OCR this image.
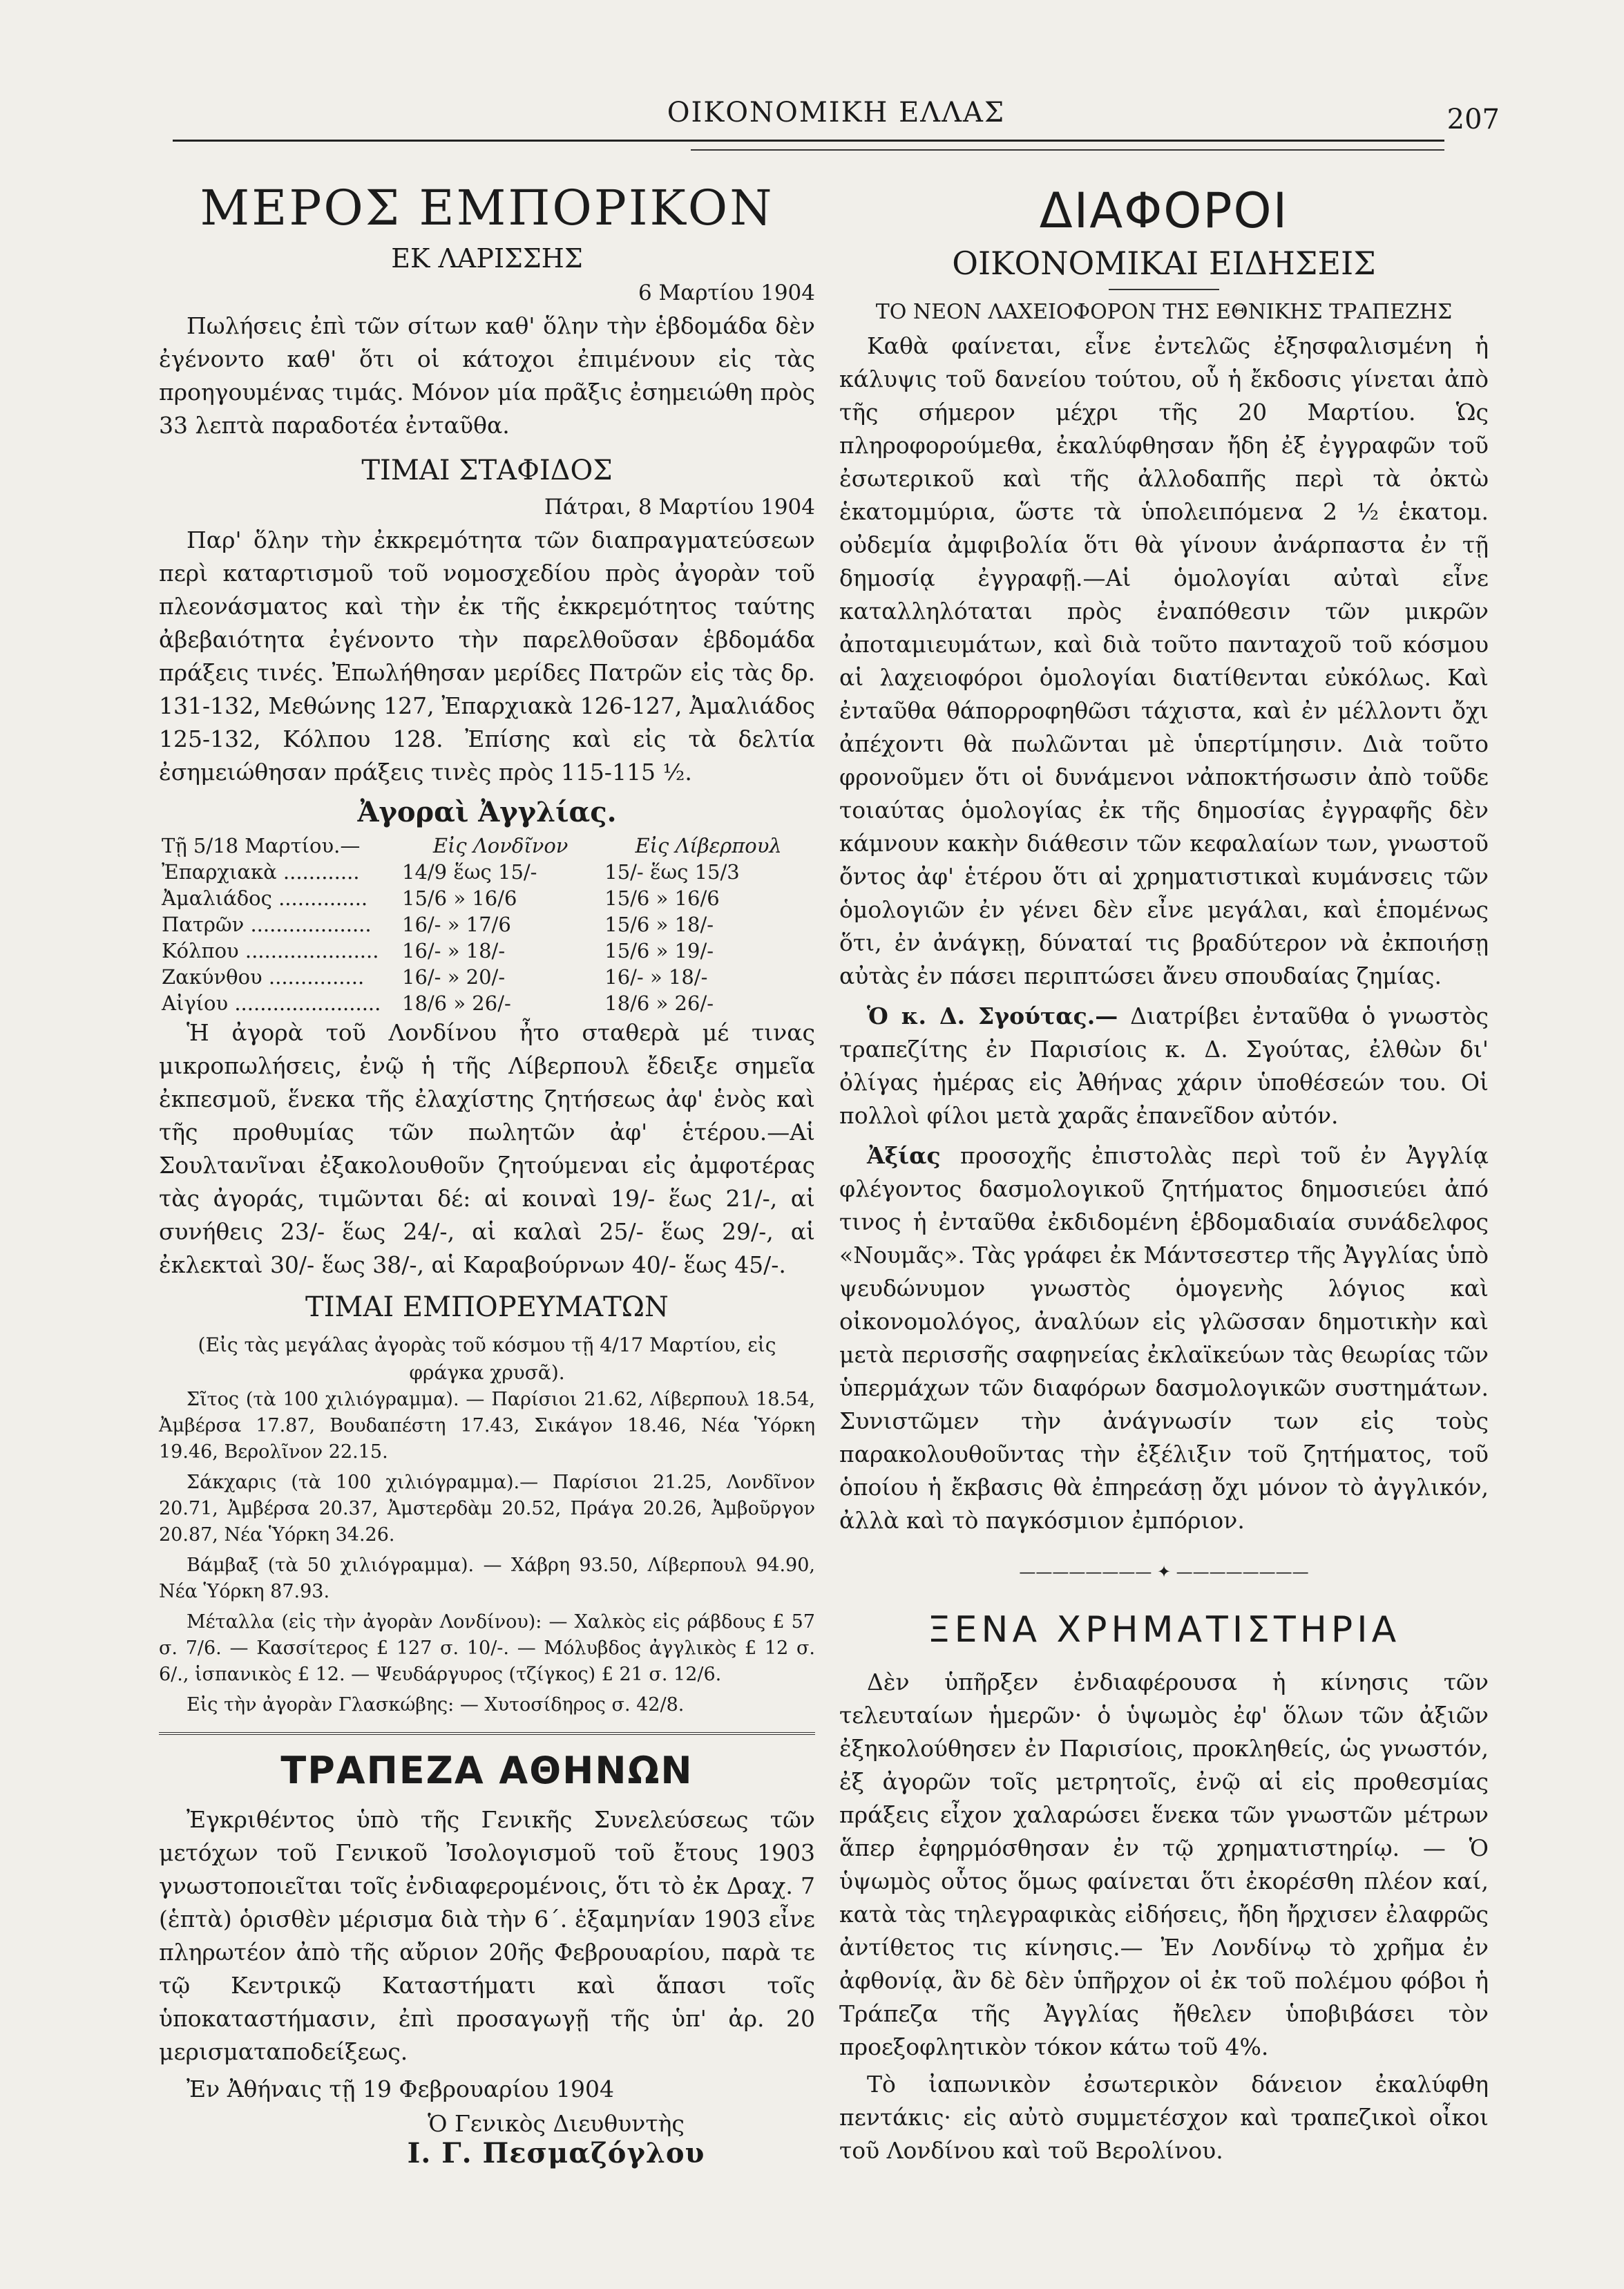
ΟΙΚΟΝΟΜΙΚΗ ΕΛΛΑΣ	207
ΜΕΡΟΣ ΕΜΠΟΡΙΚΟΝ
ΕΚ ΛΑΡΙΣΣΗΣ
6 Μαρτίου 1904

Πωλήσεις ἐπὶ τῶν σίτων καθ' ὅλην τὴν ἑβδομάδα δὲν ἐγένοντο καθ' ὅτι οἱ κάτοχοι ἐπιμένουν εἰς τὰς προηγουμένας τιμάς. Μόνον μία πρᾶξις ἐσημειώθη πρὸς 33 λεπτὰ παραδοτέα ἐνταῦθα.

ΤΙΜΑΙ ΣΤΑΦΙΔΟΣ
Πάτραι, 8 Μαρτίου 1904

Παρ' ὅλην τὴν ἐκκρεμότητα τῶν διαπραγματεύσεων περὶ καταρτισμοῦ τοῦ νομοσχεδίου πρὸς ἀγορὰν τοῦ πλεονάσματος καὶ τὴν ἐκ τῆς ἐκκρεμότητος ταύτης ἀβεβαιότητα ἐγένοντο τὴν παρελθοῦσαν ἑβδομάδα πράξεις τινές. Ἐπωλήθησαν μερίδες Πατρῶν εἰς τὰς δρ. 131-132, Μεθώνης 127, Ἐπαρχιακὰ 126-127, Ἀμαλιάδος 125-132, Κόλπου 128. Ἐπίσης καὶ εἰς τὰ δελτία ἐσημειώθησαν πράξεις τινὲς πρὸς 115-115 ½.

Ἀγοραὶ Ἀγγλίας.
Τῇ 5/18 Μαρτίου.—	Εἰς Λονδῖνον	Εἰς Λίβερπουλ
Ἐπαρχιακὰ ............	14/9 ἕως 15/-	15/- ἕως 15/3
Ἀμαλιάδος ..............	15/6 » 16/6	15/6 » 16/6
Πατρῶν ...................	16/- » 17/6	15/6 » 18/-
Κόλπου .....................	16/- » 18/-	15/6 » 19/-
Ζακύνθου ...............	16/- » 20/-	16/- » 18/-
Αἰγίου .......................	18/6 » 26/-	18/6 » 26/-

Ἡ ἀγορὰ τοῦ Λονδίνου ἦτο σταθερὰ μέ τινας μικροπωλήσεις, ἐνῷ ἡ τῆς Λίβερπουλ ἔδειξε σημεῖα ἐκπεσμοῦ, ἕνεκα τῆς ἐλαχίστης ζητήσεως ἀφ' ἑνὸς καὶ τῆς προθυμίας τῶν πωλητῶν ἀφ' ἑτέρου.—Αἱ Σουλτανῖναι ἐξακολουθοῦν ζητούμεναι εἰς ἀμφοτέρας τὰς ἀγοράς, τιμῶνται δέ: αἱ κοιναὶ 19/- ἕως 21/-, αἱ συνήθεις 23/- ἕως 24/-, αἱ καλαὶ 25/- ἕως 29/-, αἱ ἐκλεκταὶ 30/- ἕως 38/-, αἱ Καραβούρνων 40/- ἕως 45/-.

ΤΙΜΑΙ ΕΜΠΟΡΕΥΜΑΤΩΝ
(Εἰς τὰς μεγάλας ἀγορὰς τοῦ κόσμου τῇ 4/17 Μαρτίου, εἰς φράγκα χρυσᾶ).

Σῖτος (τὰ 100 χιλιόγραμμα). — Παρίσιοι 21.62, Λίβερπουλ 18.54, Ἀμβέρσα 17.87, Βουδαπέστη 17.43, Σικάγον 18.46, Νέα Ὑόρκη 19.46, Βερολῖνον 22.15.

Σάκχαρις (τὰ 100 χιλιόγραμμα).— Παρίσιοι 21.25, Λονδῖνον 20.71, Ἀμβέρσα 20.37, Ἀμστερδὰμ 20.52, Πράγα 20.26, Ἀμβοῦργον 20.87, Νέα Ὑόρκη 34.26.

Βάμβαξ (τὰ 50 χιλιόγραμμα). — Χάβρη 93.50, Λίβερπουλ 94.90, Νέα Ὑόρκη 87.93.

Μέταλλα (εἰς τὴν ἀγορὰν Λονδίνου): — Χαλκὸς εἰς ράβδους £ 57 σ. 7/6. — Κασσίτερος £ 127 σ. 10/-. — Μόλυβδος ἀγγλικὸς £ 12 σ. 6/., ἱσπανικὸς £ 12. — Ψευδάργυρος (τζίγκος) £ 21 σ. 12/6.

Εἰς τὴν ἀγορὰν Γλασκώβης: — Χυτοσίδηρος σ. 42/8.

ΤΡΑΠΕΖΑ ΑΘΗΝΩΝ

Ἐγκριθέντος ὑπὸ τῆς Γενικῆς Συνελεύσεως τῶν μετόχων τοῦ Γενικοῦ Ἰσολογισμοῦ τοῦ ἔτους 1903 γνωστοποιεῖται τοῖς ἐνδιαφερομένοις, ὅτι τὸ ἐκ Δραχ. 7 (ἑπτὰ) ὁρισθὲν μέρισμα διὰ τὴν 6΄. ἑξαμηνίαν 1903 εἶνε πληρωτέον ἀπὸ τῆς αὔριον 20ῆς Φεβρουαρίου, παρὰ τε τῷ Κεντρικῷ Καταστήματι καὶ ἅπασι τοῖς ὑποκαταστήμασιν, ἐπὶ προσαγωγῇ τῆς ὑπ' ἀρ. 20 μερισματαποδείξεως.

Ἐν Ἀθήναις τῇ 19 Φεβρουαρίου 1904

Ὁ Γενικὸς Διευθυντὴς
Ι. Γ. Πεσμαζόγλου
ΔΙΑΦΟΡΟΙ
ΟΙΚΟΝΟΜΙΚΑΙ ΕΙΔΗΣΕΙΣ
ΤΟ ΝΕΟΝ ΛΑΧΕΙΟΦΟΡΟΝ ΤΗΣ ΕΘΝΙΚΗΣ ΤΡΑΠΕΖΗΣ

Καθὰ φαίνεται, εἶνε ἐντελῶς ἐξησφαλισμένη ἡ κάλυψις τοῦ δανείου τούτου, οὗ ἡ ἔκδοσις γίνεται ἀπὸ τῆς σήμερον μέχρι τῆς 20 Μαρτίου. Ὡς πληροφορούμεθα, ἐκαλύφθησαν ἤδη ἐξ ἐγγραφῶν τοῦ ἐσωτερικοῦ καὶ τῆς ἀλλοδαπῆς περὶ τὰ ὀκτὼ ἑκατομμύρια, ὥστε τὰ ὑπολειπόμενα 2 ½ ἑκατομ. οὐδεμία ἀμφιβολία ὅτι θὰ γίνουν ἀνάρπαστα ἐν τῇ δημοσίᾳ ἐγγραφῇ.—Αἱ ὁμολογίαι αὐταὶ εἶνε καταλληλόταται πρὸς ἐναπόθεσιν τῶν μικρῶν ἀποταμιευμάτων, καὶ διὰ τοῦτο πανταχοῦ τοῦ κόσμου αἱ λαχειοφόροι ὁμολογίαι διατίθενται εὐκόλως. Καὶ ἐνταῦθα θάπορροφηθῶσι τάχιστα, καὶ ἐν μέλλοντι ὄχι ἀπέχοντι θὰ πωλῶνται μὲ ὑπερτίμησιν. Διὰ τοῦτο φρονοῦμεν ὅτι οἱ δυνάμενοι νἀποκτήσωσιν ἀπὸ τοῦδε τοιαύτας ὁμολογίας ἐκ τῆς δημοσίας ἐγγραφῆς δὲν κάμνουν κακὴν διάθεσιν τῶν κεφαλαίων των, γνωστοῦ ὄντος ἀφ' ἑτέρου ὅτι αἱ χρηματιστικαὶ κυμάνσεις τῶν ὁμολογιῶν ἐν γένει δὲν εἶνε μεγάλαι, καὶ ἑπομένως ὅτι, ἐν ἀνάγκῃ, δύναταί τις βραδύτερον νὰ ἐκποιήσῃ αὐτὰς ἐν πάσει περιπτώσει ἄνευ σπουδαίας ζημίας.

Ὁ κ. Δ. Σγούτας.— Διατρίβει ἐνταῦθα ὁ γνωστὸς τραπεζίτης ἐν Παρισίοις κ. Δ. Σγούτας, ἐλθὼν δι' ὀλίγας ἡμέρας εἰς Ἀθήνας χάριν ὑποθέσεών του. Οἱ πολλοὶ φίλοι μετὰ χαρᾶς ἐπανεῖδον αὐτόν.

Ἀξίας προσοχῆς ἐπιστολὰς περὶ τοῦ ἐν Ἀγγλίᾳ φλέγοντος δασμολογικοῦ ζητήματος δημοσιεύει ἀπό τινος ἡ ἐνταῦθα ἐκδιδομένη ἑβδομαδιαία συνάδελφος «Νουμᾶς». Τὰς γράφει ἐκ Μάντσεστερ τῆς Ἀγγλίας ὑπὸ ψευδώνυμον γνωστὸς ὁμογενὴς λόγιος καὶ οἰκονομολόγος, ἀναλύων εἰς γλῶσσαν δημοτικὴν καὶ μετὰ περισσῆς σαφηνείας ἐκλαϊκεύων τὰς θεωρίας τῶν ὑπερμάχων τῶν διαφόρων δασμολογικῶν συστημάτων. Συνιστῶμεν τὴν ἀνάγνωσίν των εἰς τοὺς παρακολουθοῦντας τὴν ἐξέλιξιν τοῦ ζητήματος, τοῦ ὁποίου ἡ ἔκβασις θὰ ἐπηρεάσῃ ὄχι μόνον τὸ ἀγγλικόν, ἀλλὰ καὶ τὸ παγκόσμιον ἐμπόριον.

———————— ✦ ————————
ΞΕΝΑ ΧΡΗΜΑΤΙΣΤΗΡΙΑ

Δὲν ὑπῆρξεν ἐνδιαφέρουσα ἡ κίνησις τῶν τελευταίων ἡμερῶν· ὁ ὑψωμὸς ἐφ' ὅλων τῶν ἀξιῶν ἐξηκολούθησεν ἐν Παρισίοις, προκληθείς, ὡς γνωστόν, ἐξ ἀγορῶν τοῖς μετρητοῖς, ἐνῷ αἱ εἰς προθεσμίας πράξεις εἶχον χαλαρώσει ἕνεκα τῶν γνωστῶν μέτρων ἅπερ ἐφηρμόσθησαν ἐν τῷ χρηματιστηρίῳ. — Ὁ ὑψωμὸς οὗτος ὅμως φαίνεται ὅτι ἐκορέσθη πλέον καί, κατὰ τὰς τηλεγραφικὰς εἰδήσεις, ἤδη ἤρχισεν ἐλαφρῶς ἀντίθετος τις κίνησις.— Ἐν Λονδίνῳ τὸ χρῆμα ἐν ἀφθονίᾳ, ἂν δὲ δὲν ὑπῆρχον οἱ ἐκ τοῦ πολέμου φόβοι ἡ Τράπεζα τῆς Ἀγγλίας ἤθελεν ὑποβιβάσει τὸν προεξοφλητικὸν τόκον κάτω τοῦ 4%.

Τὸ ἰαπωνικὸν ἐσωτερικὸν δάνειον ἐκαλύφθη πεντάκις· εἰς αὐτὸ συμμετέσχον καὶ τραπεζικοὶ οἶκοι τοῦ Λονδίνου καὶ τοῦ Βερολίνου.
